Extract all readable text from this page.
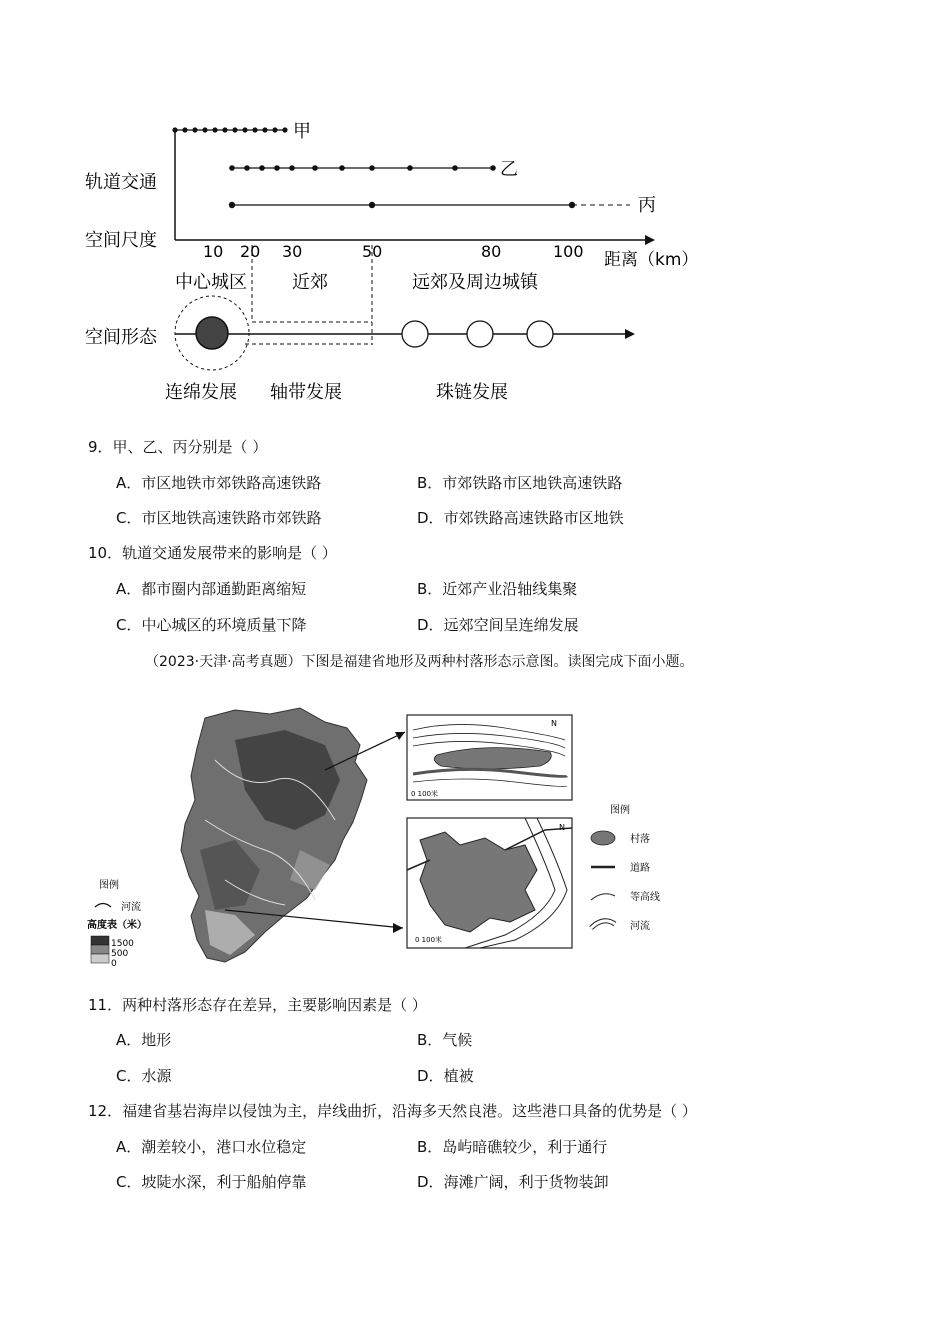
甲
乙
丙
轨道交通
空间尺度
10 20 30	50	80	100 距离（km）
中心城区	近郊	远郊及周边城镇
空间形态
连绵发展 轴带发展	珠链发展
9．甲、乙、丙分别是（ ）
A．市区地铁市郊铁路高速铁路	B．市郊铁路市区地铁高速铁路
C．市区地铁高速铁路市郊铁路	D．市郊铁路高速铁路市区地铁
10．轨道交通发展带来的影响是（ ）
A．都市圈内部通勤距离缩短	B．近郊产业沿轴线集聚
C．中心城区的环境质量下降	D．远郊空间呈连绵发展
（2023·天津·高考真题）下图是福建省地形及两种村落形态示意图。读图完成下面小题。
图例
河流
高度表（米）
1500
500
0
N
0 100米
N
0 100米
图例
村落
道路
等高线
河流
11．两种村落形态存在差异，主要影响因素是（ ）
A．地形	B．气候
C．水源	D．植被
12．福建省基岩海岸以侵蚀为主，岸线曲折，沿海多天然良港。这些港口具备的优势是（ ）
A．潮差较小，港口水位稳定	B．岛屿暗礁较少，利于通行
C．坡陡水深，利于船舶停靠	D．海滩广阔，利于货物装卸
